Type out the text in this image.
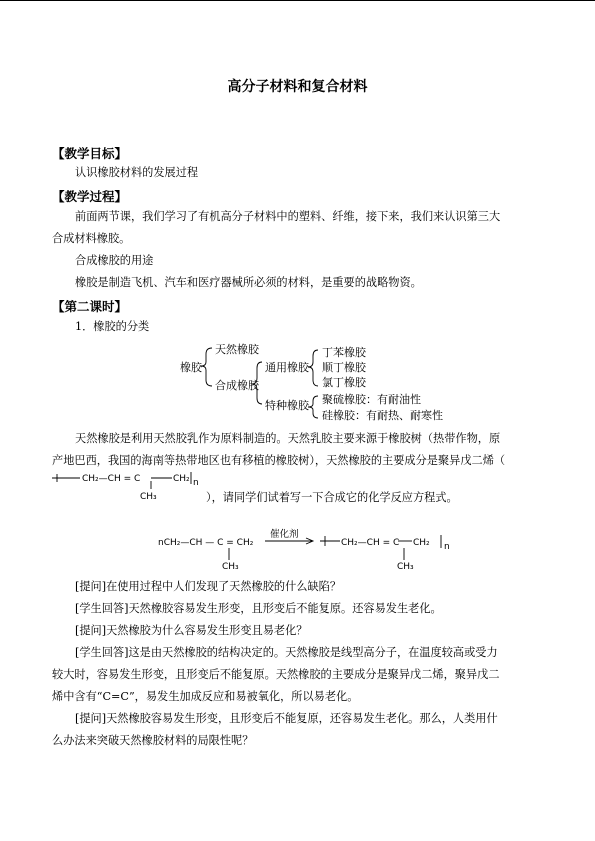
高分子材料和复合材料
【教学目标】
认识橡胶材料的发展过程
【教学过程】
前面两节课，我们学习了有机高分子材料中的塑料、纤维，接下来，我们来认识第三大
合成材料橡胶。
合成橡胶的用途
橡胶是制造飞机、汽车和医疗器械所必须的材料，是重要的战略物资。
【第二课时】
1．橡胶的分类
橡胶
天然橡胶
合成橡胶
通用橡胶
特种橡胶
丁苯橡胶
顺丁橡胶
氯丁橡胶
聚硫橡胶：有耐油性
硅橡胶：有耐热、耐寒性
天然橡胶是利用天然胶乳作为原料制造的。天然乳胶主要来源于橡胶树（热带作物，原
产地巴西，我国的海南等热带地区也有移植的橡胶树），天然橡胶的主要成分是聚异戊二烯（
CH₂—CH = C	CH₂ n
CH₃	），请同学们试着写一下合成它的化学反应方程式。
nCH₂—CH — C = CH₂
CH₃
催化剂
CH₂—CH = C CH₂ n
CH₃
[提问]在使用过程中人们发现了天然橡胶的什么缺陷？
[学生回答]天然橡胶容易发生形变，且形变后不能复原。还容易发生老化。
[提问]天然橡胶为什么容易发生形变且易老化？
[学生回答]这是由天然橡胶的结构决定的。天然橡胶是线型高分子，在温度较高或受力
较大时，容易发生形变，且形变后不能复原。天然橡胶的主要成分是聚异戊二烯，聚异戊二
烯中含有“C=C”，易发生加成反应和易被氧化，所以易老化。
[提问]天然橡胶容易发生形变，且形变后不能复原，还容易发生老化。那么，人类用什
么办法来突破天然橡胶材料的局限性呢？
